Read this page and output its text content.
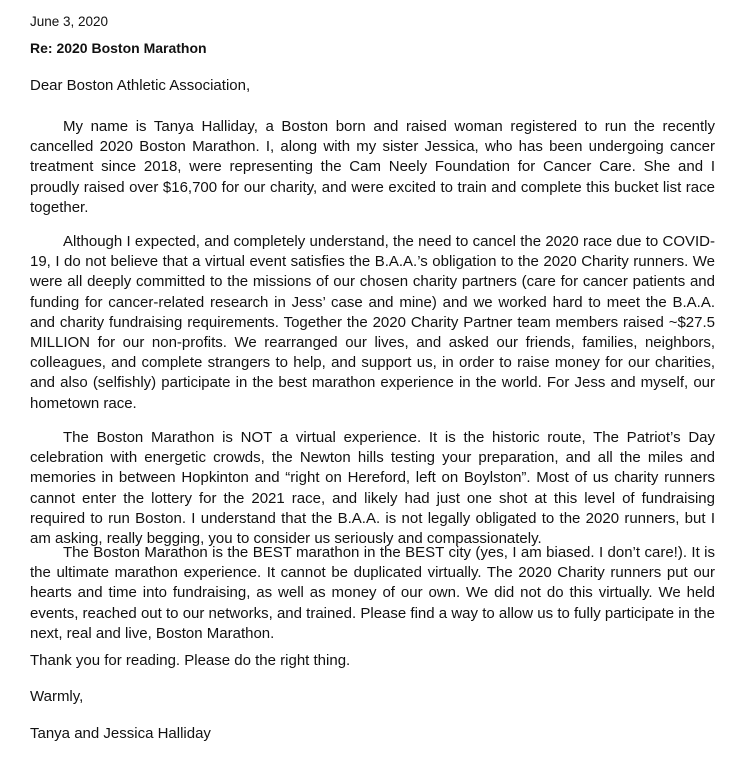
June 3, 2020
Re: 2020 Boston Marathon
Dear Boston Athletic Association,

My name is Tanya Halliday, a Boston born and raised woman registered to run the recently cancelled 2020 Boston Marathon. I, along with my sister Jessica, who has been undergoing cancer treatment since 2018, were representing the Cam Neely Foundation for Cancer Care. She and I proudly raised over $16,700 for our charity, and were excited to train and complete this bucket list race together.

Although I expected, and completely understand, the need to cancel the 2020 race due to COVID-19, I do not believe that a virtual event satisfies the B.A.A.’s obligation to the 2020 Charity runners. We were all deeply committed to the missions of our chosen charity partners (care for cancer patients and funding for cancer-related research in Jess’ case and mine) and we worked hard to meet the B.A.A. and charity fundraising requirements. Together the 2020 Charity Partner team members raised ~$27.5 MILLION for our non-profits. We rearranged our lives, and asked our friends, families, neighbors, colleagues, and complete strangers to help, and support us, in order to raise money for our charities, and also (selfishly) participate in the best marathon experience in the world. For Jess and myself, our hometown race.

The Boston Marathon is NOT a virtual experience. It is the historic route, The Patriot’s Day celebration with energetic crowds, the Newton hills testing your preparation, and all the miles and memories in between Hopkinton and “right on Hereford, left on Boylston”. Most of us charity runners cannot enter the lottery for the 2021 race, and likely had just one shot at this level of fundraising required to run Boston. I understand that the B.A.A. is not legally obligated to the 2020 runners, but I am asking, really begging, you to consider us seriously and compassionately.

The Boston Marathon is the BEST marathon in the BEST city (yes, I am biased. I don’t care!). It is the ultimate marathon experience. It cannot be duplicated virtually. The 2020 Charity runners put our hearts and time into fundraising, as well as money of our own. We did not do this virtually. We held events, reached out to our networks, and trained. Please find a way to allow us to fully participate in the next, real and live, Boston Marathon.

Thank you for reading. Please do the right thing.
Warmly,
Tanya and Jessica Halliday
